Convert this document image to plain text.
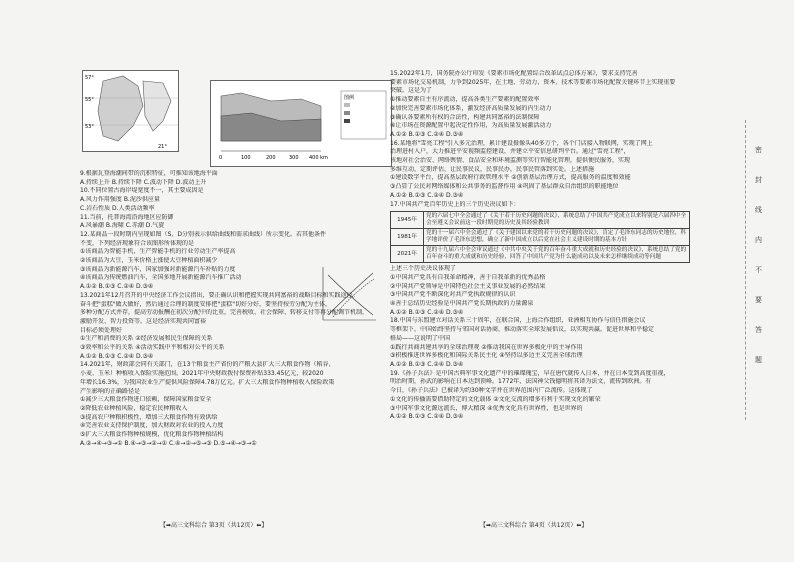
57°
55°
53°
21°
图例
0	100	200	300 400 km

9.根据瓦登海潮间带的沉积特征，可推知该地海平面

A.持续上升 B.持续下降 C.波动下降 D.波动上升

10.不同位置古海岸堤宽度不一，其主要成因是

A.风力作用强度 B.泥沙供应量

C.岩石性质 D.人类活动频率

11.当前，托普海湾沿海地区应防御

A.风暴潮 B.海啸 C.赤潮 D.气旋

12.某商品一段时期内呈现如图（S、D分别表示供给曲线和需求曲线）所示变化。若其他条件

不变，下列经济现象符合该图形所体现的是

①该商品为智能手机，生产智能手机的行业劳动生产率提高

②该商品为大豆，玉米价格上涨使大豆种植面积减少

③该商品为新能源汽车，国家加强对新能源汽车补贴的力度

④该商品为传统燃油汽车，全国多地开展新能源汽车推广活动

A.①② B.①③ C.②④ D.③④

13.2021年12月召开的中央经济工作会议指出，要正确认识和把握实现共同富裕的战略目标和实践途径。

奋斗把"蛋糕"做大做好，然后通过合理的制度安排把"蛋糕"切好分好，要坚持按劳分配为主体，

多种分配方式并存，提高劳动报酬在初次分配中的比重，完善税收、社会保障、转移支付等再分配调节机制，

激励开发、智力投资等。这是经济实现共同富裕

目标必须处理好

①生产和消费的关系 ②经济发展和民生保障的关系

③效率和公平的关系 ④活动实践中平和相对公平的关系

A.①② B.①③ C.②④ D.③④

14.2021年，财政部会同有关部门，在13个粮食主产省份的产粮大县扩大三大粮食作物（稻谷、

小麦、玉米）种植收入保险实施范围。2021年中央财政拨付保费补贴333.45亿元，较2020

年增长16.3%，为我国农业生产提供风险保障4.78万亿元。扩大三大粮食作物种植收入保险政策

产生影响的正确路径是

①减少三大粮食作物进口依赖，保障国家粮食安全

②降低农业种植风险，稳定农民种粮收入

③提高农户种粮积极性，增加三大粮食作物有效供给

④完善农业支持保护制度，加大财政对农业的投入力度

⑤扩大三大粮食作物种植规模，优化粮食作物种植结构

A.②→④→③→① B.④→③→②→① C.④→②→⑤→③ D.⑤→④→③→①

15.2022年1月，国务院办公厅印发《要素市场化配置综合改革试点总体方案》，要求支持完善

要素市场化交易机制，力争到2025年，在土地、劳动力、资本、技术等要素市场化配置关键环节上实现重要

突破。这是为了

①推动要素自主有序流动，提高各类生产要素的配置效率

②加快完善要素市场化体系，激发经济高质量发展的内生动力

③确认各要素所有权的合法性，构建共同富裕的法制保障

④让市场在资源配置中起决定性作用，为高质量发展激活动力

A.①② B.①③ C.②④ D.③④

16.某地将"雪亮工程"引入多元治理，累计建设摄像头40多万个，各个门店接入物联网，实现了网上

治理进村入户，大力推进平安视频监控建设，并建立平安信息研判平台。通过"雪亮工程"，

该地对社会治安、网络舆情、食品安全和环境监测等实行智能化管理，提供便民服务，实现

多维互动，定期评估，让民事民议，民事民办，民事民管落到实处。上述措施

①建设数字平台，提高基层政府行政管理水平 ②创新基层治理方式，提高服务的温度和效能

③凸显了公民对网络媒体和公共事务的监督作用 ④巩固了基层群众自治组织的职能地位

A.①② B.①③ C.②④ D.③④

17.中国共产党百年历史上的三个历史决议如下：

1945年	党的六届七中全会通过了《关于若干历史问题的决议》，系统总结了中国共产党成立以来特别是六届四中全会至遵义会议前这一段时期党的历史及其经验教训
1981年	党的十一届六中全会通过了《关于建国以来党的若干历史问题的决议》，肯定了毛泽东同志的历史地位，科学地评价了毛泽东思想，确立了新中国成立以后党在社会主义建设时期的基本方针
2021年	党的十九届六中全会审议通过《中共中央关于党的百年奋斗重大成就和历史经验的决议》，系统总结了党的百年奋斗的重大成就和历史经验，回答了中国共产党为什么能成功以及未来怎样继续成功等问题

上述三个历史决议体现了

①中国共产党具有自我革命精神，善于自我革新的优秀品格

②中国共产党领导是中国特色社会主义事业发展的必然结果

③中国共产党不断深化对共产党执政规律的认识

④善于总结历史经验是中国共产党长期执政的力量源泉

A.①② B.①③ C.②④ D.③④

18.中国与东盟建立对话关系三十周年，在联合国，上海合作组织，亚洲相互协作与信任措施会议

等框架下，中国始终坚持与邻国对话协商，推动落实全球发展倡议，以实现共赢，促进世界和平稳定

格局——这说明了中国

①践行共商共建共享的全球治理观 ②推动我国在世界多极化中的主导作用

③积极推进世界多极化和国际关系民主化 ④坚持以多边主义完善全球治理

A.①② B.①③ C.②④ D.③④

19.《孙子兵法》是中国古典军事文化遗产中的璀璨瑰宝，早在唐代就传入日本，并在日本受到高度重视，

明治时期，孙武的影响在日本达到顶峰。1772年，法国神父钱德明将其译为法文，流传到欧洲。有

今日，《孙子兵法》已被译为约30种文字并在世界范围内广泛流传。这体现了

①文化的传播需要借助特定的文化载体 ②文化交流的增多有利于实现文化的繁荣

③中国军事文化源远流长，博大精深 ④优秀文化具有世界性，也是世界的

A.①② B.①③ C.②④ D.③④

【➡高三文科综合 第3页（共12页）⬅】	【➡高三文科综合 第4页（共12页）⬅】
密
封
线
内
不
要
答
题
